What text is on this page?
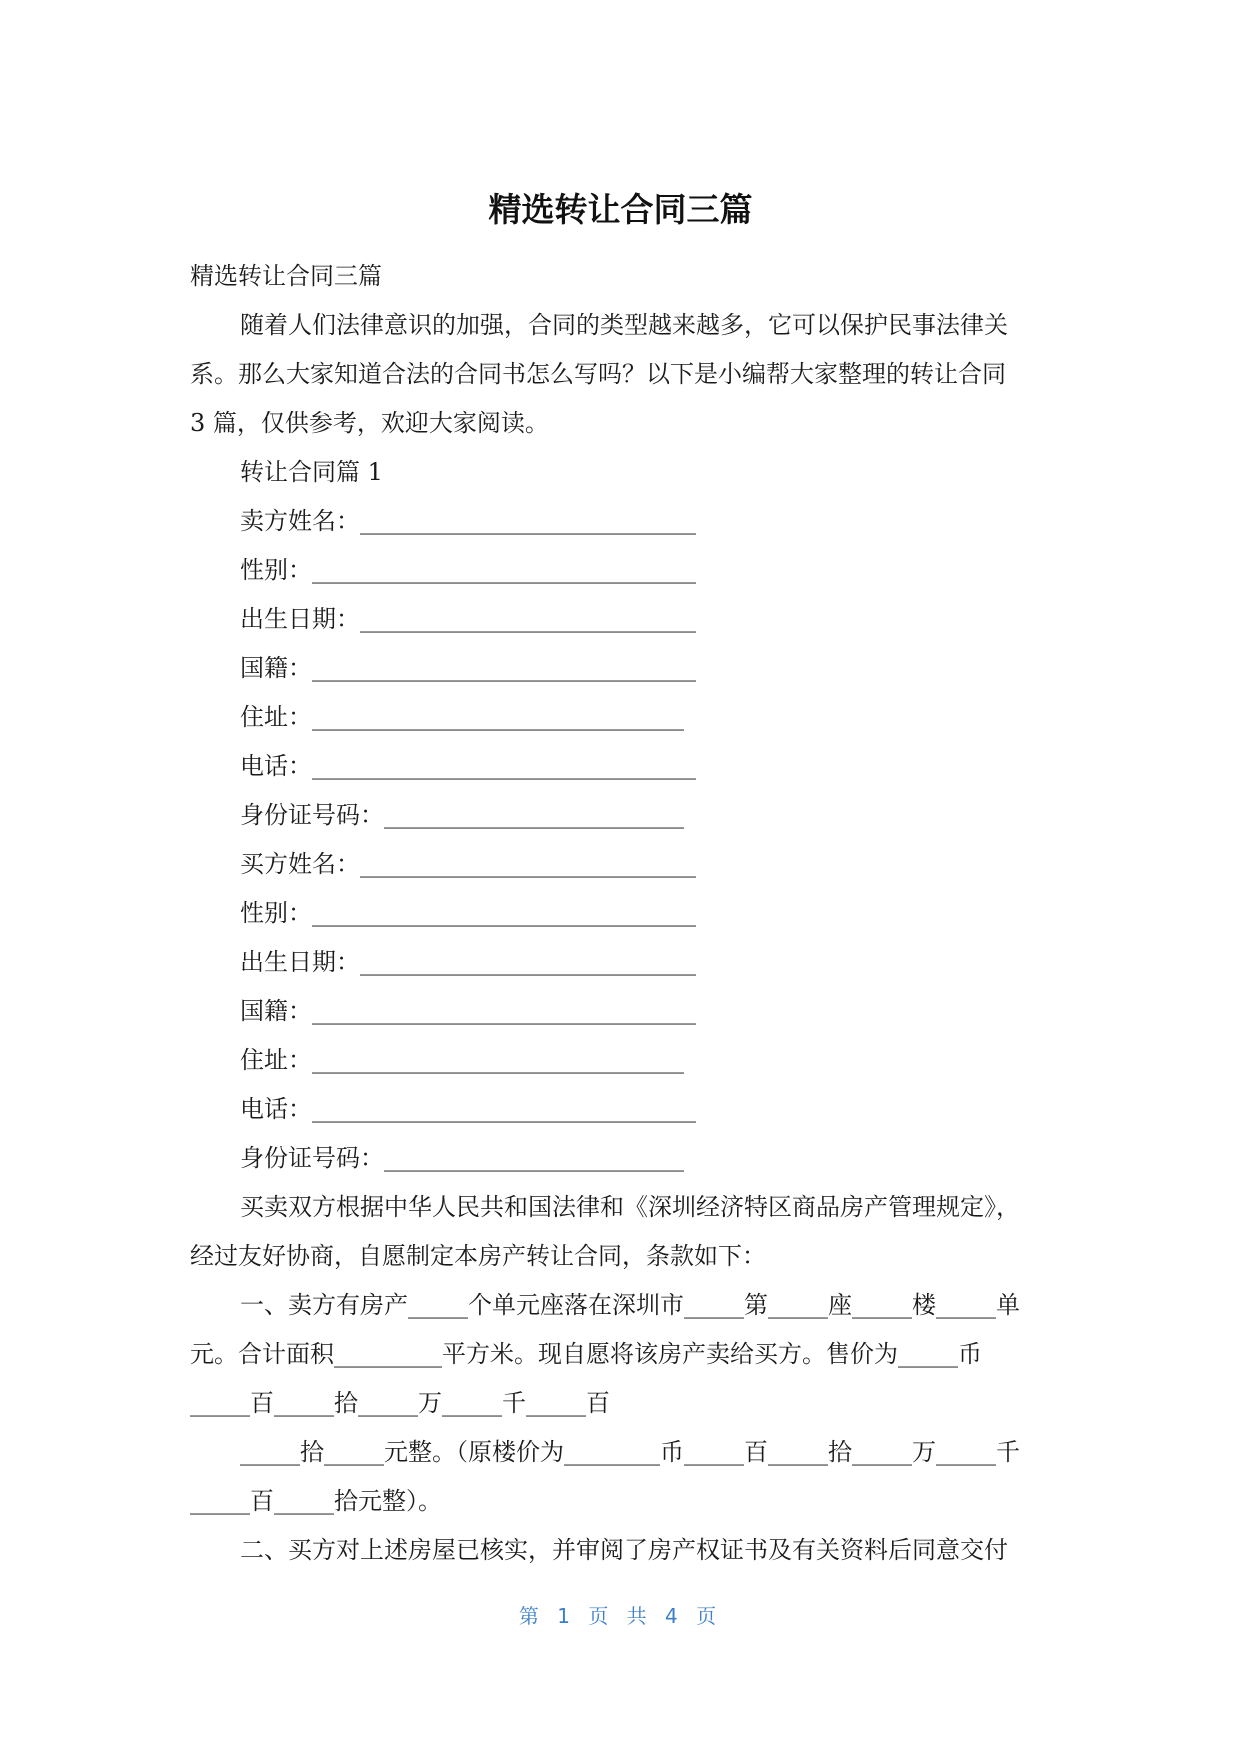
精选转让合同三篇
精选转让合同三篇
随着人们法律意识的加强，合同的类型越来越多，它可以保护民事法律关
系。那么大家知道合法的合同书怎么写吗？以下是小编帮大家整理的转让合同
3 篇，仅供参考，欢迎大家阅读。
转让合同篇 1
卖方姓名：____________________________
性别：________________________________
出生日期：____________________________
国籍：________________________________
住址：_______________________________
电话：________________________________
身份证号码：_________________________
买方姓名：____________________________
性别：________________________________
出生日期：____________________________
国籍：________________________________
住址：_______________________________
电话：________________________________
身份证号码：_________________________
买卖双方根据中华人民共和国法律和《深圳经济特区商品房产管理规定》，
经过友好协商，自愿制定本房产转让合同，条款如下：
一、卖方有房产_____个单元座落在深圳市_____第_____座_____楼_____单
元。合计面积_________平方米。现自愿将该房产卖给买方。售价为_____币
_____百_____拾_____万_____千_____百
_____拾_____元整。（原楼价为________币_____百_____拾_____万_____千
_____百_____拾元整）。
二、买方对上述房屋已核实，并审阅了房产权证书及有关资料后同意交付
第 1 页 共 4 页
